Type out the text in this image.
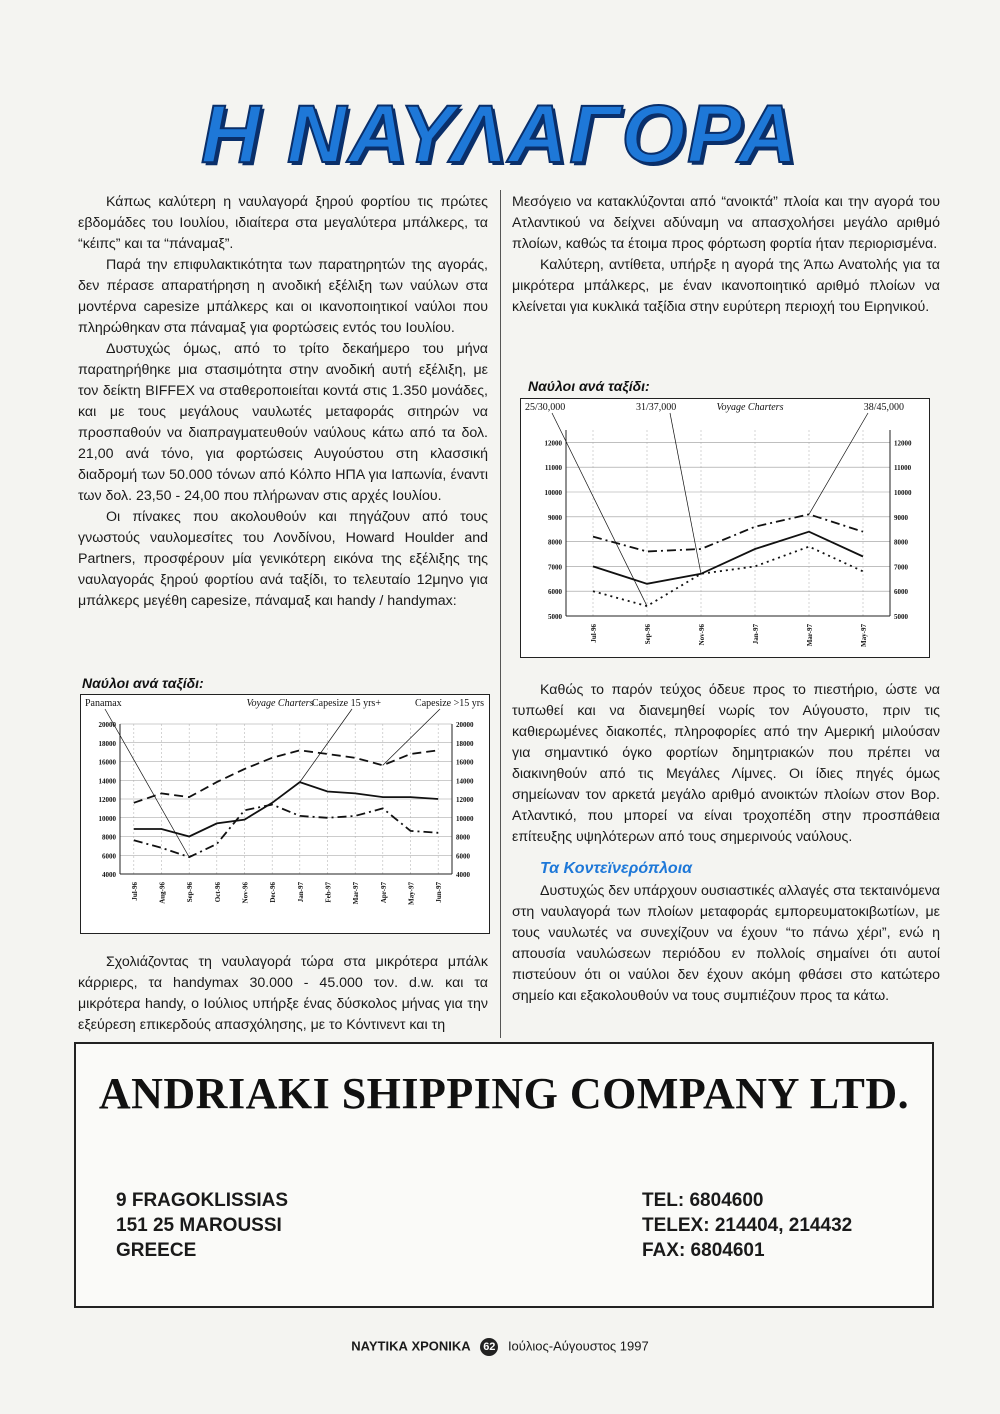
Η ΝΑΥΛΑΓΟΡΑ

Κάπως καλύτερη η ναυλαγορά ξηρού φορτίου τις πρώτες εβδομάδες του Ιουλίου, ιδιαίτερα στα μεγαλύτερα μπάλκερς, τα “κέιπς” και τα “πάναμαξ”.

Παρά την επιφυλακτικότητα των παρατηρητών της αγοράς, δεν πέρασε απαρατήρηση η ανοδική εξέλιξη των ναύλων στα μοντέρνα capesize μπάλκερς και οι ικανοποιητικοί ναύλοι που πληρώθηκαν στα πάναμαξ για φορτώσεις εντός του Ιουλίου.

Δυστυχώς όμως, από το τρίτο δεκαήμερο του μήνα παρατηρήθηκε μια στασιμότητα στην ανοδική αυτή εξέλιξη, με τον δείκτη BIFFEX να σταθεροποιείται κοντά στις 1.350 μονάδες, και με τους μεγάλους ναυλωτές μεταφοράς σιτηρών να προσπαθούν να διαπραγματευθούν ναύλους κάτω από τα δολ. 21,00 ανά τόνο, για φορτώσεις Αυγούστου στη κλασσική διαδρομή των 50.000 τόνων από Κόλπο ΗΠΑ για Ιαπωνία, έναντι των δολ. 23,50 - 24,00 που πλήρωναν στις αρχές Ιουλίου.

Οι πίνακες που ακολουθούν και πηγάζουν από τους γνωστούς ναυλομεσίτες του Λονδίνου, Howard Houlder and Partners, προσφέρουν μία γενικότερη εικόνα της εξέλιξης της ναυλαγοράς ξηρού φορτίου ανά ταξίδι, το τελευταίο 12μηνο για μπάλκερς μεγέθη capesize, πάναμαξ και handy / handymax:

Ναύλοι ανά ταξίδι:
20000	20000
18000	18000
16000	16000
14000	14000
12000	12000
10000	10000
8000	8000
6000	6000
4000	4000
Jul-96	Aug-96	Sep-96	Oct-96	Nov-96	Dec-96	Jan-97	Feb-97	Mar-97	Apr-97	May-97	Jun-97
Panamax	Capesize 15 yrs+	Capesize >15 yrs
Voyage Charters

Σχολιάζοντας τη ναυλαγορά τώρα στα μικρότερα μπάλκ κάρριερς, τα handymax 30.000 - 45.000 τον. d.w. και τα μικρότερα handy, ο Ιούλιος υπήρξε ένας δύσκολος μήνας για την εξεύρεση επικερδούς απασχόλησης, με το Κόντινεντ και τη

Μεσόγειο να κατακλύζονται από “ανοικτά” πλοία και την αγορά του Ατλαντικού να δείχνει αδύναμη να απασχολήσει μεγάλο αριθμό πλοίων, καθώς τα έτοιμα προς φόρτωση φορτία ήταν περιορισμένα.

Καλύτερη, αντίθετα, υπήρξε η αγορά της Άπω Ανατολής για τα μικρότερα μπάλκερς, με έναν ικανοποιητικό αριθμό πλοίων να κλείνεται για κυκλικά ταξίδια στην ευρύτερη περιοχή του Ειρηνικού.

Ναύλοι ανά ταξίδι:
12000	12000
11000	11000
10000	10000
9000	9000
8000	8000
7000	7000
6000	6000
5000	5000
Jul-96	Sep-96	Nov-96	Jan-97	Mar-97	May-97
25/30,000	31/37,000	38/45,000
Voyage Charters

Καθώς το παρόν τεύχος όδευε προς το πιεστήριο, ώστε να τυπωθεί και να διανεμηθεί νωρίς τον Αύγουστο, πριν τις καθιερωμένες διακοπές, πληροφορίες από την Αμερική μιλούσαν για σημαντικό όγκο φορτίων δημητριακών που πρέπει να διακινηθούν από τις Μεγάλες Λίμνες. Οι ίδιες πηγές όμως σημείωναν τον αρκετά μεγάλο αριθμό ανοικτών πλοίων στον Βορ. Ατλαντικό, που μπορεί να είναι τροχοπέδη στην προσπάθεια επίτευξης υψηλότερων από τους σημερινούς ναύλους.

Τα Κοντεϊνερόπλοια

Δυστυχώς δεν υπάρχουν ουσιαστικές αλλαγές στα τεκταινόμενα στη ναυλαγορά των πλοίων μεταφοράς εμπορευματοκιβωτίων, με τους ναυλωτές να συνεχίζουν να έχουν “το πάνω χέρι”, ενώ η απουσία ναυλώσεων περιόδου εν πολλοίς σημαίνει ότι αυτοί πιστεύουν ότι οι ναύλοι δεν έχουν ακόμη φθάσει στο κατώτερο σημείο και εξακολουθούν να τους συμπιέζουν προς τα κάτω.

ANDRIAKI SHIPPING COMPANY LTD.
9 FRAGOKLISSIAS
151 25 MAROUSSI
GREECE
TEL: 6804600
TELEX: 214404, 214432
FAX: 6804601
ΝΑΥΤΙΚΑ ΧΡΟΝΙΚΑ 62 Ιούλιος-Αύγουστος 1997
